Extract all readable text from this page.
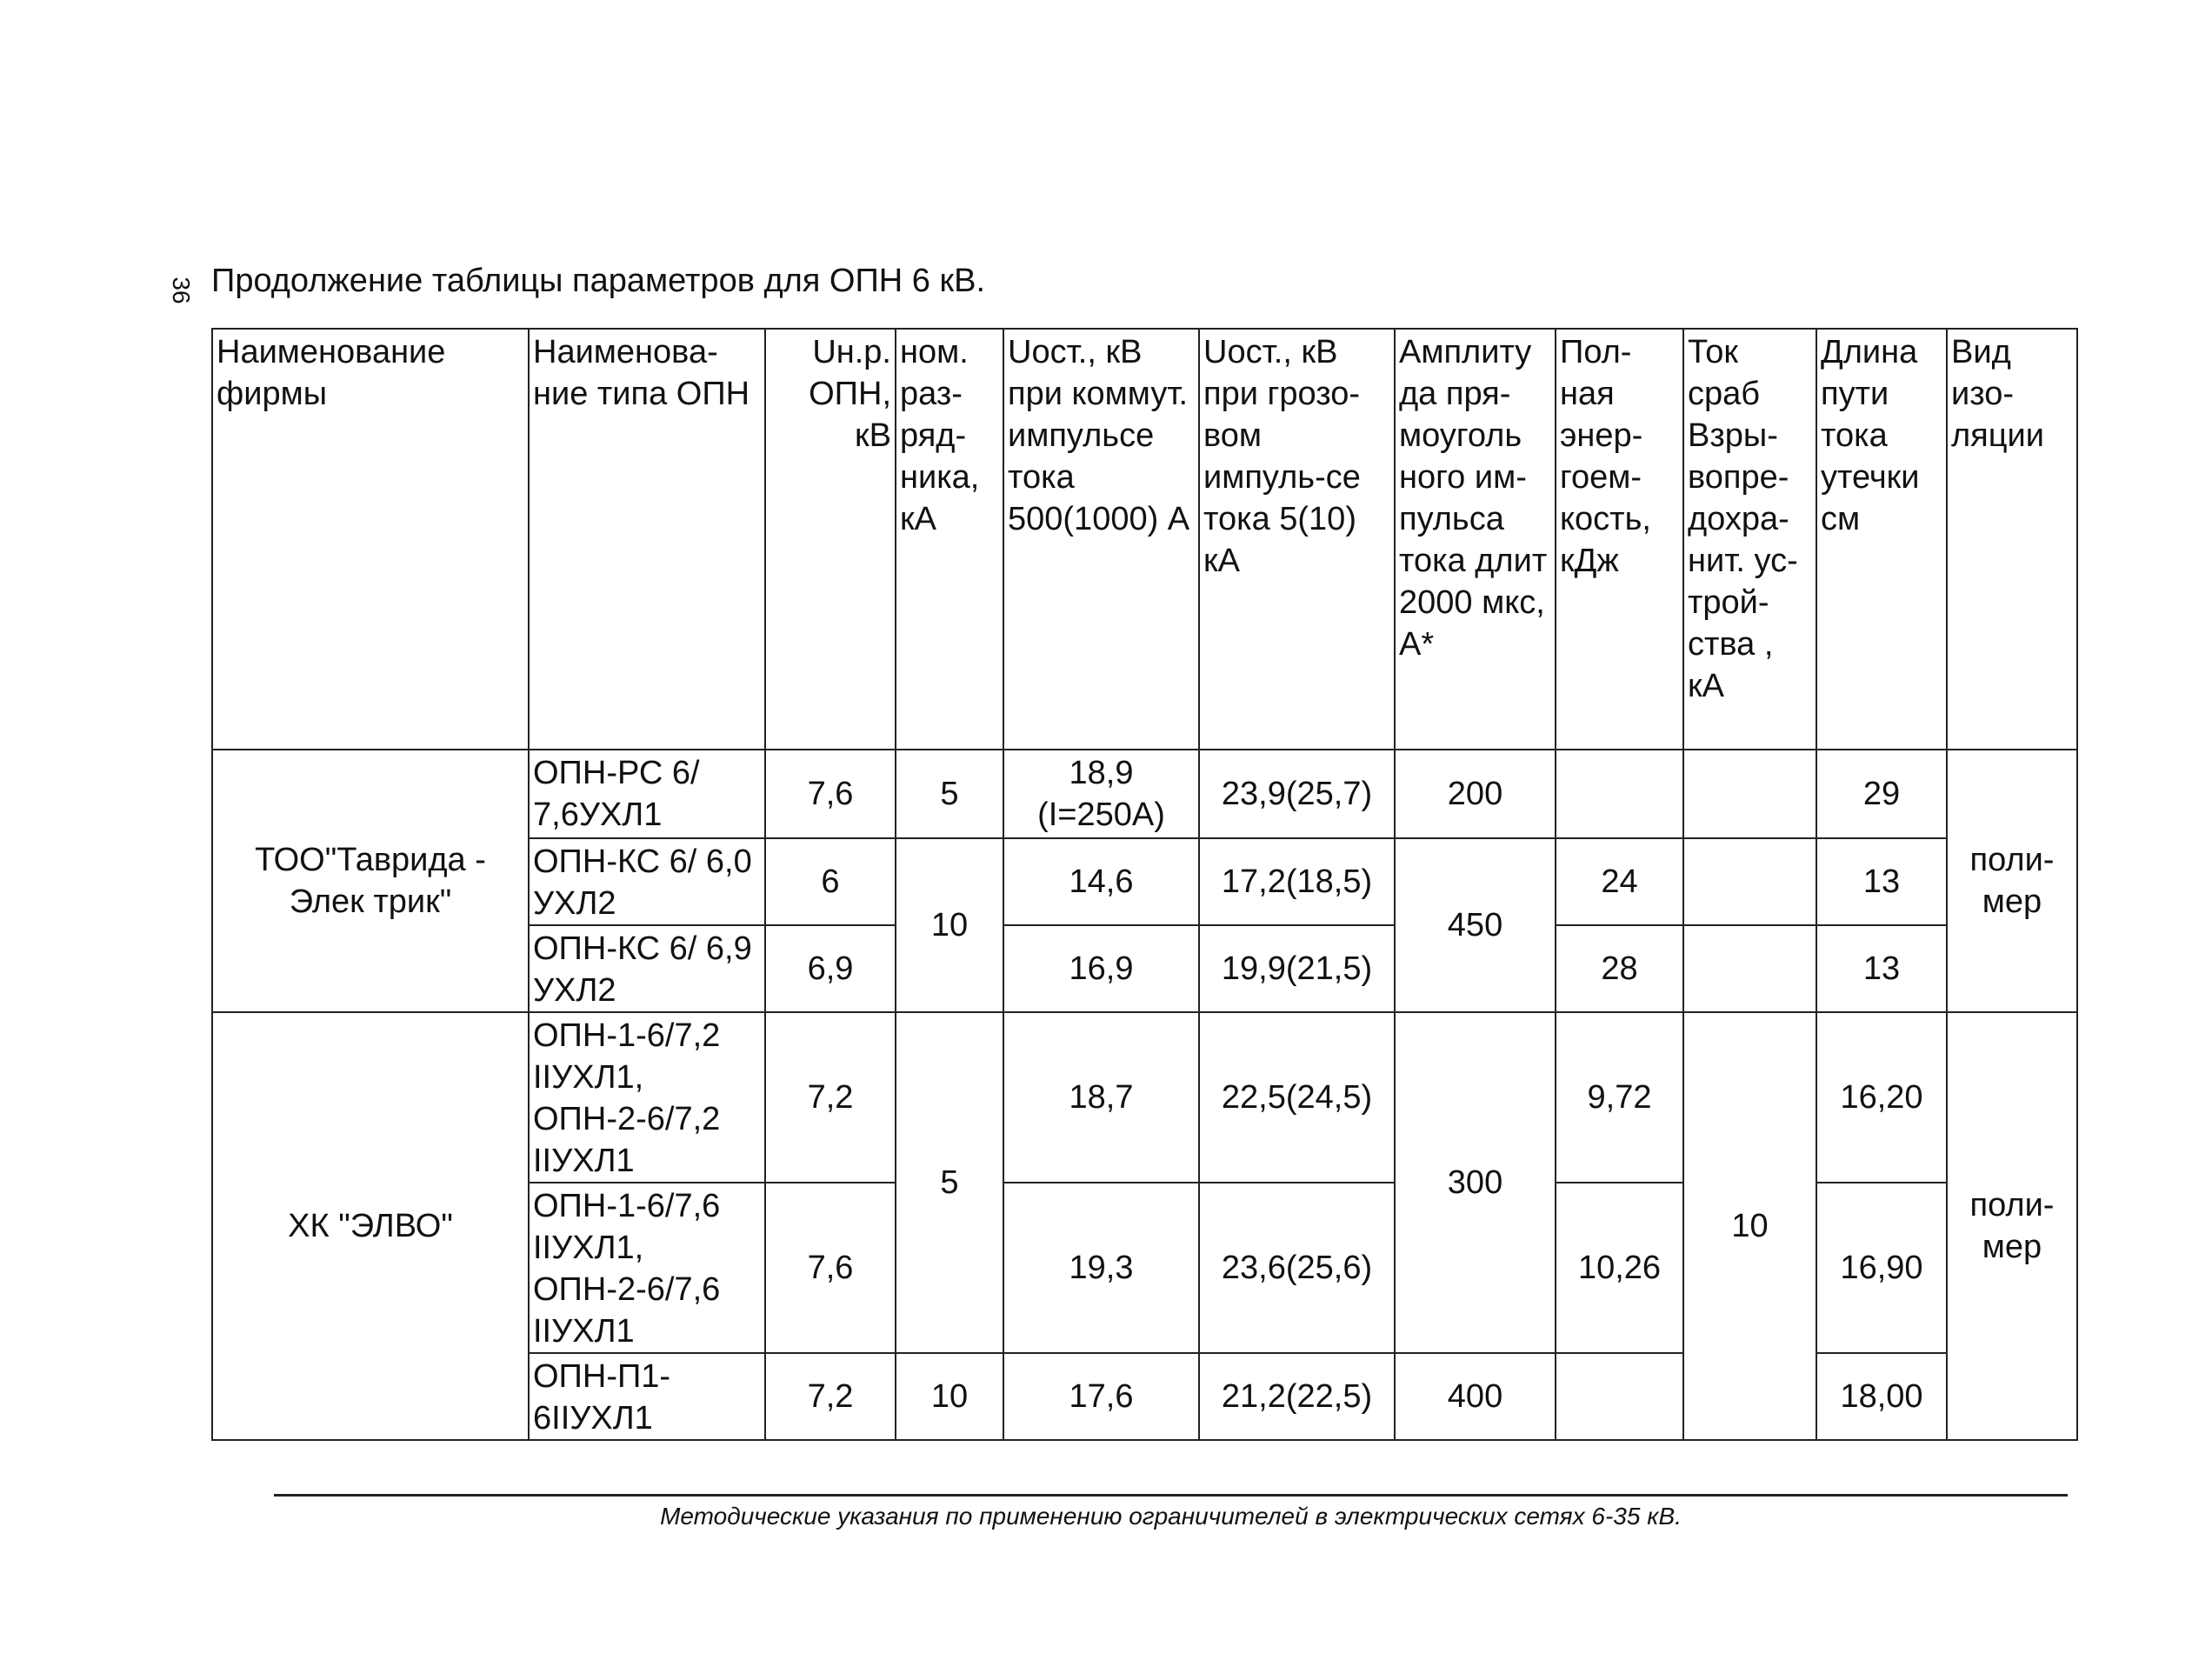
36 Продолжение таблицы параметров для ОПН 6 кВ.
Наименование фирмы	Наименова-ние типа ОПН	Uн.р. ОПН, кВ	ном. раз-ряд-ника, кА	Uост., кВ при коммут. импульсе тока 500(1000) А	Uост., кВ при грозо-вом импуль-се тока 5(10) кА	Амплиту да пря-моуголь ного им-пульса тока длит 2000 мкс, А*	Пол-ная энер-гоем-кость, кДж	Ток сраб Взры-вопре-дохра-нит. ус-трой-ства , кА	Длина пути тока утечки см	Вид изо-ляции
ТОО"Таврида - Элек трик"	ОПН-РС 6/ 7,6УХЛ1	7,6	5	18,9 (I=250A)	23,9(25,7)	200			29	поли-мер
	ОПН-КС 6/ 6,0 УХЛ2	6	10	14,6	17,2(18,5)	450	24		13	
	ОПН-КС 6/ 6,9 УХЛ2	6,9		16,9	19,9(21,5)		28		13	
ХК "ЭЛВО"	ОПН-1-6/7,2 IIУХЛ1, ОПН-2-6/7,2 IIУХЛ1	7,2	5	18,7	22,5(24,5)	300	9,72	10	16,20	поли-мер
	ОПН-1-6/7,6 IIУХЛ1, ОПН-2-6/7,6 IIУХЛ1	7,6		19,3	23,6(25,6)		10,26		16,90	
	ОПН-П1-6IIУХЛ1	7,2	10	17,6	21,2(22,5)	400			18,00	
Методические указания по применению ограничителей в электрических сетях 6-35 кВ.
